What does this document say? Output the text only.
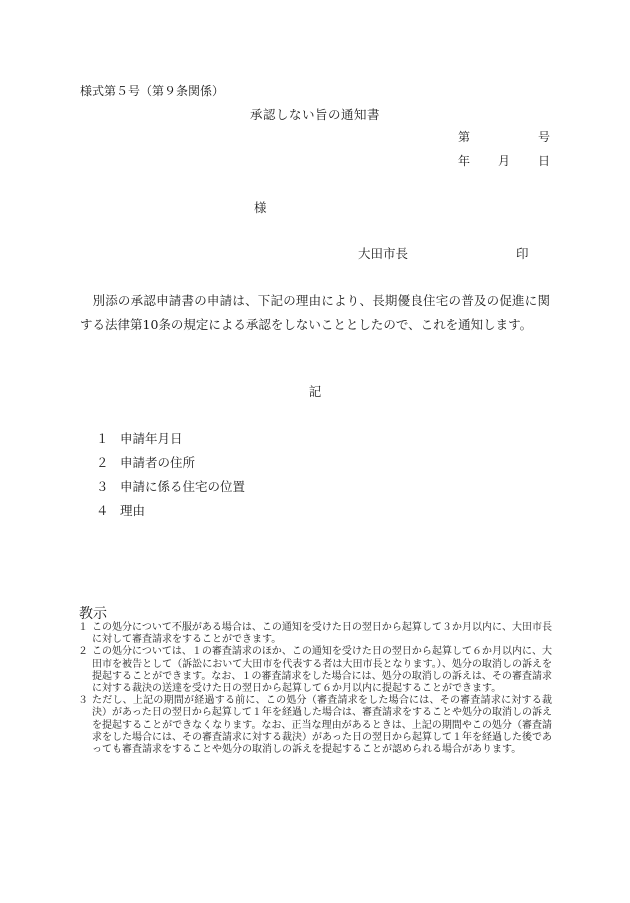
様式第５号（第９条関係）
承認しない旨の通知書
第	号
年 月 日
様
大田市長	印

別添の承認申請書の申請は、下記の理由により、長期優良住宅の普及の促進に関する法律第10条の規定による承認をしないこととしたので、これを通知します。

記
１ 申請年月日
２ 申請者の住所
３ 申請に係る住宅の位置
４ 理由
教示
１ この処分について不服がある場合は、この通知を受けた日の翌日から起算して３か月以内に、大田市長に対して審査請求をすることができます。
２ この処分については、１の審査請求のほか、この通知を受けた日の翌日から起算して６か月以内に、大田市を被告として（訴訟において大田市を代表する者は大田市長となります。）、処分の取消しの訴えを提起することができます。なお、１の審査請求をした場合には、処分の取消しの訴えは、その審査請求に対する裁決の送達を受けた日の翌日から起算して６か月以内に提起することができます。
３ ただし、上記の期間が経過する前に、この処分（審査請求をした場合には、その審査請求に対する裁決）があった日の翌日から起算して１年を経過した場合は、審査請求をすることや処分の取消しの訴えを提起することができなくなります。なお、正当な理由があるときは、上記の期間やこの処分（審査請求をした場合には、その審査請求に対する裁決）があった日の翌日から起算して１年を経過した後であっても審査請求をすることや処分の取消しの訴えを提起することが認められる場合があります。
